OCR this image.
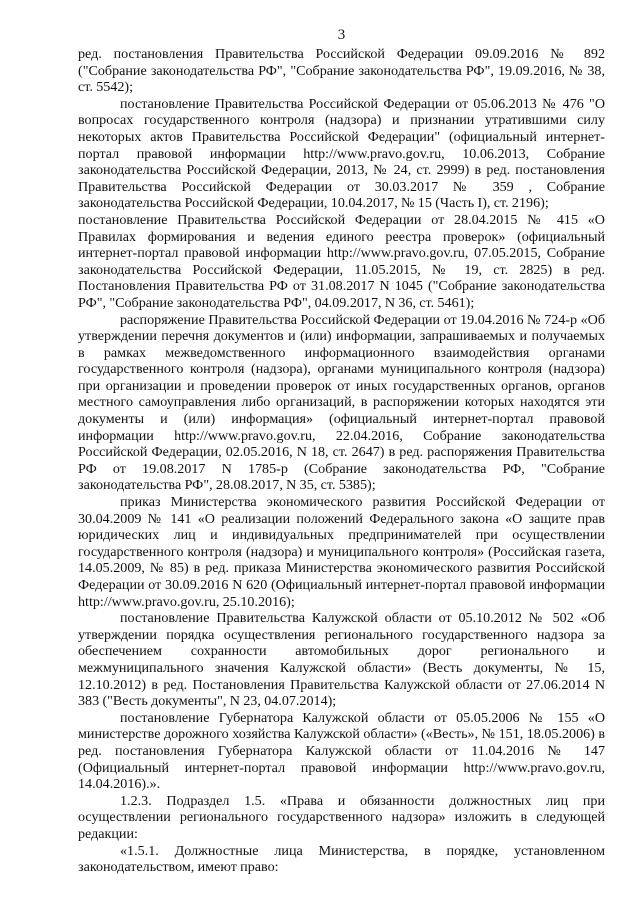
3

ред. постановления Правительства Российской Федерации 09.09.2016 № 892 ("Собрание законодательства РФ", "Собрание законодательства РФ", 19.09.2016, № 38, ст. 5542);

постановление Правительства Российской Федерации от 05.06.2013 № 476 "О вопросах государственного контроля (надзора) и признании утратившими силу некоторых актов Правительства Российской Федерации" (официальный интернет-портал правовой информации http://www.pravo.gov.ru, 10.06.2013, Собрание законодательства Российской Федерации, 2013, № 24, ст. 2999) в ред. постановления Правительства Российской Федерации от 30.03.2017 № 359 , Собрание законодательства Российской Федерации, 10.04.2017, № 15 (Часть I), ст. 2196);

постановление Правительства Российской Федерации от 28.04.2015 № 415 «О Правилах формирования и ведения единого реестра проверок» (официальный интернет-портал правовой информации http://www.pravo.gov.ru, 07.05.2015, Собрание законодательства Российской Федерации, 11.05.2015, № 19, ст. 2825) в ред. Постановления Правительства РФ от 31.08.2017 N 1045 ("Собрание законодательства РФ", "Собрание законодательства РФ", 04.09.2017, N 36, ст. 5461);

распоряжение Правительства Российской Федерации от 19.04.2016 № 724-р «Об утверждении перечня документов и (или) информации, запрашиваемых и получаемых в рамках межведомственного информационного взаимодействия органами государственного контроля (надзора), органами муниципального контроля (надзора) при организации и проведении проверок от иных государственных органов, органов местного самоуправления либо организаций, в распоряжении которых находятся эти документы и (или) информация» (официальный интернет-портал правовой информации http://www.pravo.gov.ru, 22.04.2016, Собрание законодательства Российской Федерации, 02.05.2016, N 18, ст. 2647) в ред. распоряжения Правительства РФ от 19.08.2017 N 1785-р (Собрание законодательства РФ, "Собрание законодательства РФ", 28.08.2017, N 35, ст. 5385);

приказ Министерства экономического развития Российской Федерации от 30.04.2009 № 141 «О реализации положений Федерального закона «О защите прав юридических лиц и индивидуальных предпринимателей при осуществлении государственного контроля (надзора) и муниципального контроля» (Российская газета, 14.05.2009, № 85) в ред. приказа Министерства экономического развития Российской Федерации от 30.09.2016 N 620 (Официальный интернет-портал правовой информации http://www.pravo.gov.ru, 25.10.2016);

постановление Правительства Калужской области от 05.10.2012 № 502 «Об утверждении порядка осуществления регионального государственного надзора за обеспечением сохранности автомобильных дорог регионального и межмуниципального значения Калужской области» (Весть документы, № 15, 12.10.2012) в ред. Постановления Правительства Калужской области от 27.06.2014 N 383 ("Весть документы", N 23, 04.07.2014);

постановление Губернатора Калужской области от 05.05.2006 № 155 «О министерстве дорожного хозяйства Калужской области» («Весть», № 151, 18.05.2006) в ред. постановления Губернатора Калужской области от 11.04.2016 № 147 (Официальный интернет-портал правовой информации http://www.pravo.gov.ru, 14.04.2016).».

1.2.3. Подраздел 1.5. «Права и обязанности должностных лиц при осуществлении регионального государственного надзора» изложить в следующей редакции:

«1.5.1. Должностные лица Министерства, в порядке, установленном законодательством, имеют право:
